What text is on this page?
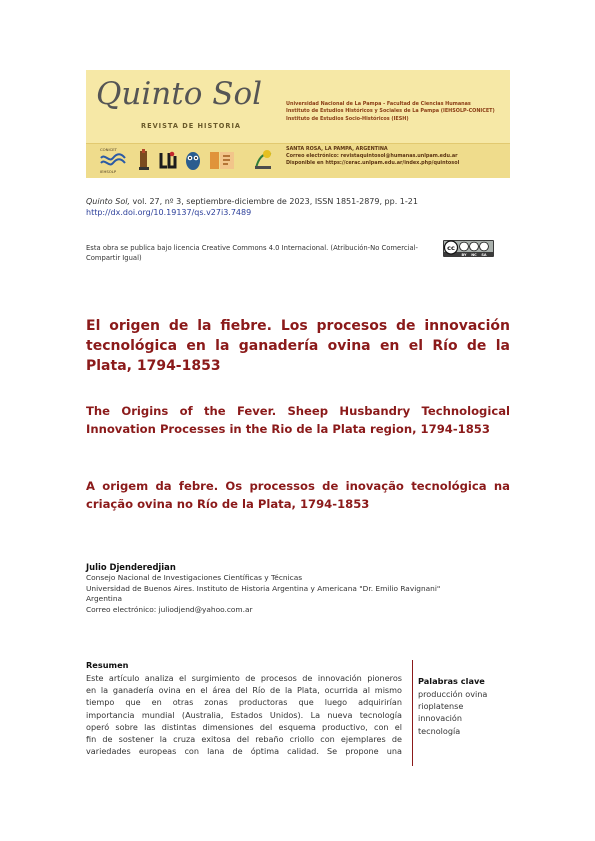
Quinto Sol
REVISTA DE HISTORIA
Universidad Nacional de La Pampa - Facultad de Ciencias Humanas
Instituto de Estudios Históricos y Sociales de La Pampa (IEHSOLP-CONICET)
Instituto de Estudios Socio-Históricos (IESH)
CONICET
IEHSOLP
SANTA ROSA, LA PAMPA, ARGENTINA
Correo electrónico: revistaquintosol@humanas.unlpam.edu.ar
Disponible en https://cerac.unlpam.edu.ar/index.php/quintosol
Quinto Sol, vol. 27, nº 3, septiembre-diciembre de 2023, ISSN 1851-2879, pp. 1-21
http://dx.doi.org/10.19137/qs.v27i3.7489
Esta obra se publica bajo licencia Creative Commons 4.0 Internacional. (Atribución-No Comercial-Compartir Igual)
cc
BY NC SA
El origen de la fiebre. Los procesos de innovación tecnológica en la ganadería ovina en el Río de la Plata, 1794-1853
The Origins of the Fever. Sheep Husbandry Technological Innovation Processes in the Rio de la Plata region, 1794-1853
A origem da febre. Os processos de inovação tecnológica na criação ovina no Río de la Plata, 1794-1853
Julio Djenderedjian
Consejo Nacional de Investigaciones Científicas y Técnicas
Universidad de Buenos Aires. Instituto de Historia Argentina y Americana "Dr. Emilio Ravignani"
Argentina
Correo electrónico: juliodjend@yahoo.com.ar
Resumen
Este artículo analiza el surgimiento de procesos de innovación pioneros
en la ganadería ovina en el área del Río de la Plata, ocurrida al mismo
tiempo que en otras zonas productoras que luego adquirirían
importancia mundial (Australia, Estados Unidos). La nueva tecnología
operó sobre las distintas dimensiones del esquema productivo, con el
fin de sostener la cruza exitosa del rebaño criollo con ejemplares de
variedades europeas con lana de óptima calidad. Se propone una
Palabras clave
producción ovina
rioplatense
innovación
tecnología
